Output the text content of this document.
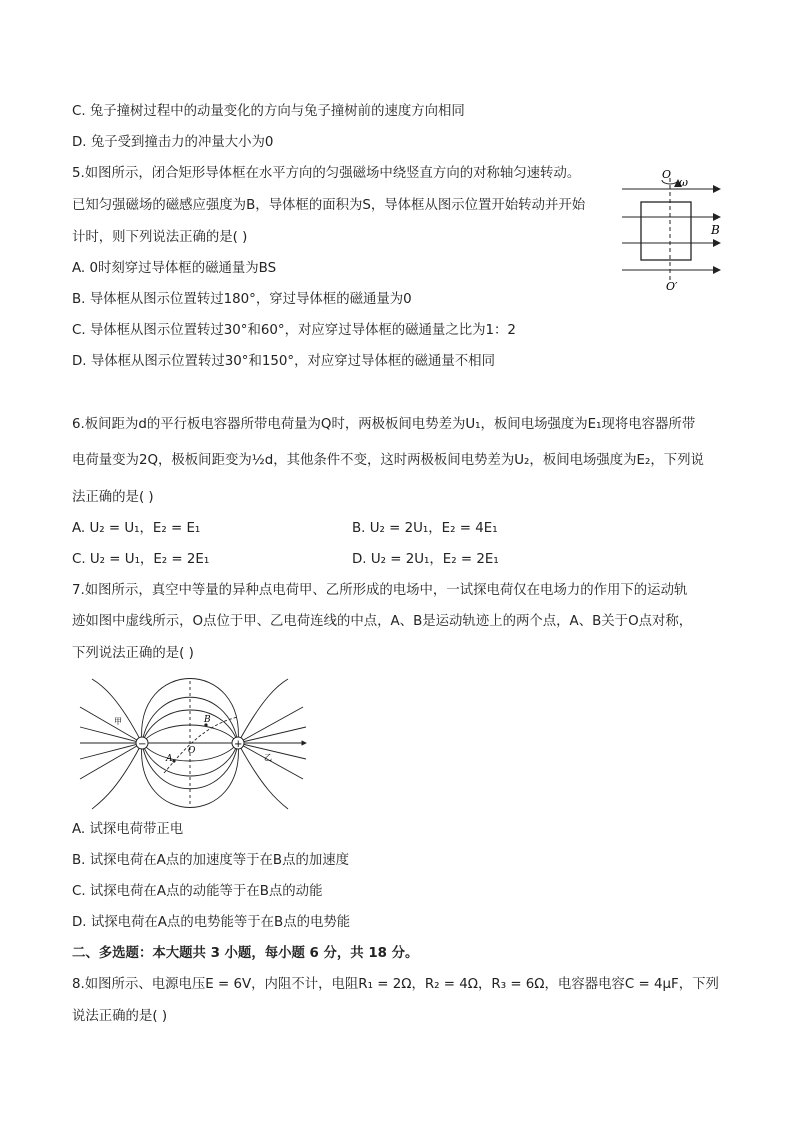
C. 兔子撞树过程中的动量变化的方向与兔子撞树前的速度方向相同
D. 兔子受到撞击力的冲量大小为0
5.如图所示，闭合矩形导体框在水平方向的匀强磁场中绕竖直方向的对称轴匀速转动。
已知匀强磁场的磁感应强度为B，导体框的面积为S，导体框从图示位置开始转动并开始
计时，则下列说法正确的是( )
A. 0时刻穿过导体框的磁通量为BS
B. 导体框从图示位置转过180°，穿过导体框的磁通量为0
C. 导体框从图示位置转过30°和60°，对应穿过导体框的磁通量之比为1：2
D. 导体框从图示位置转过30°和150°，对应穿过导体框的磁通量不相同
O
ω
B
O′
6.板间距为d的平行板电容器所带电荷量为Q时，两极板间电势差为U₁，板间电场强度为E₁现将电容器所带
电荷量变为2Q，极板间距变为½d，其他条件不变，这时两极板间电势差为U₂，板间电场强度为E₂，下列说
法正确的是( )
A. U₂ = U₁，E₂ = E₁	B. U₂ = 2U₁，E₂ = 4E₁
C. U₂ = U₁，E₂ = 2E₁	D. U₂ = 2U₁，E₂ = 2E₁
7.如图所示，真空中等量的异种点电荷甲、乙所形成的电场中，一试探电荷仅在电场力的作用下的运动轨
迹如图中虚线所示，O点位于甲、乙电荷连线的中点，A、B是运动轨迹上的两个点，A、B关于O点对称，
下列说法正确的是( )
−	+
A
B
O
甲
乙
A. 试探电荷带正电
B. 试探电荷在A点的加速度等于在B点的加速度
C. 试探电荷在A点的动能等于在B点的动能
D. 试探电荷在A点的电势能等于在B点的电势能
二、多选题：本大题共 3 小题，每小题 6 分，共 18 分。
8.如图所示、电源电压E = 6V，内阻不计，电阻R₁ = 2Ω，R₂ = 4Ω，R₃ = 6Ω，电容器电容C = 4μF，下列
说法正确的是( )
